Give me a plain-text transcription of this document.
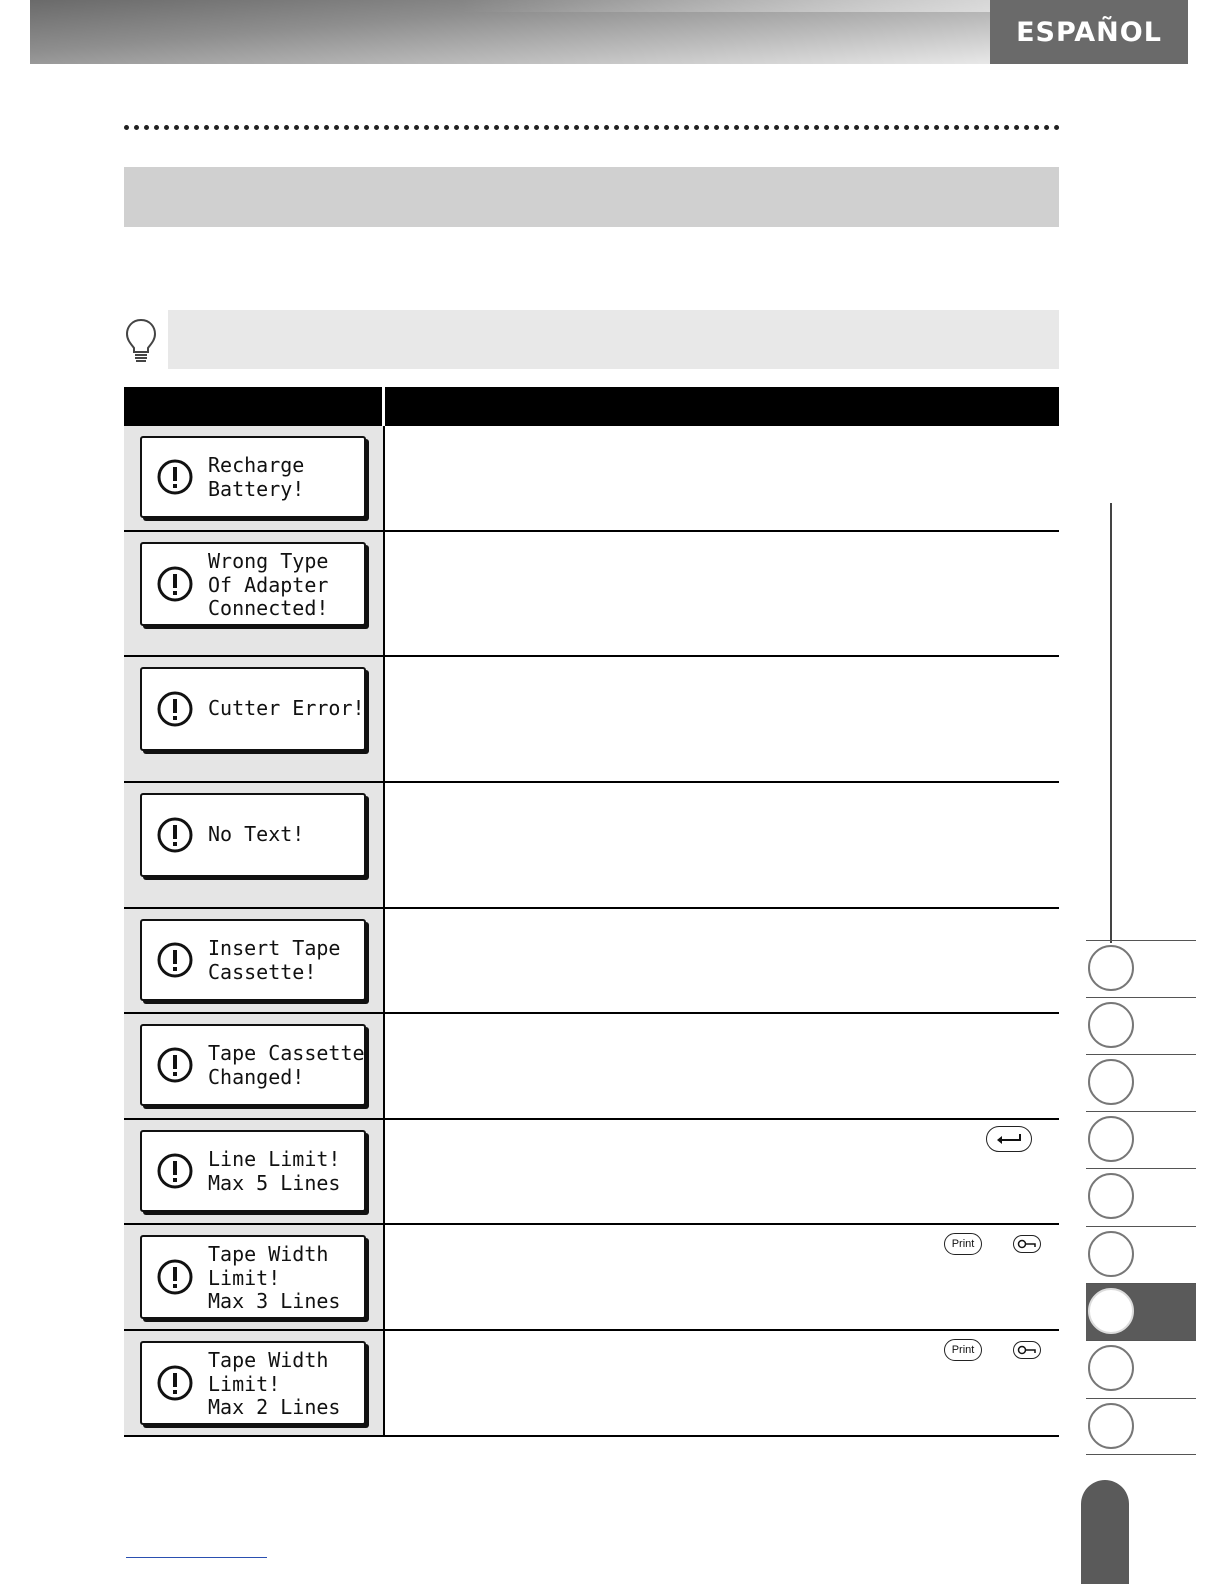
ESPAÑOL
Recharge
Battery!
Wrong Type
Of Adapter
Connected!
Cutter Error!
No Text!
Insert Tape
Cassette!
Tape Cassette
Changed!
Line Limit!
Max 5 Lines
Tape Width
Limit!
Max 3 Lines
Print
Tape Width
Limit!
Max 2 Lines
Print
